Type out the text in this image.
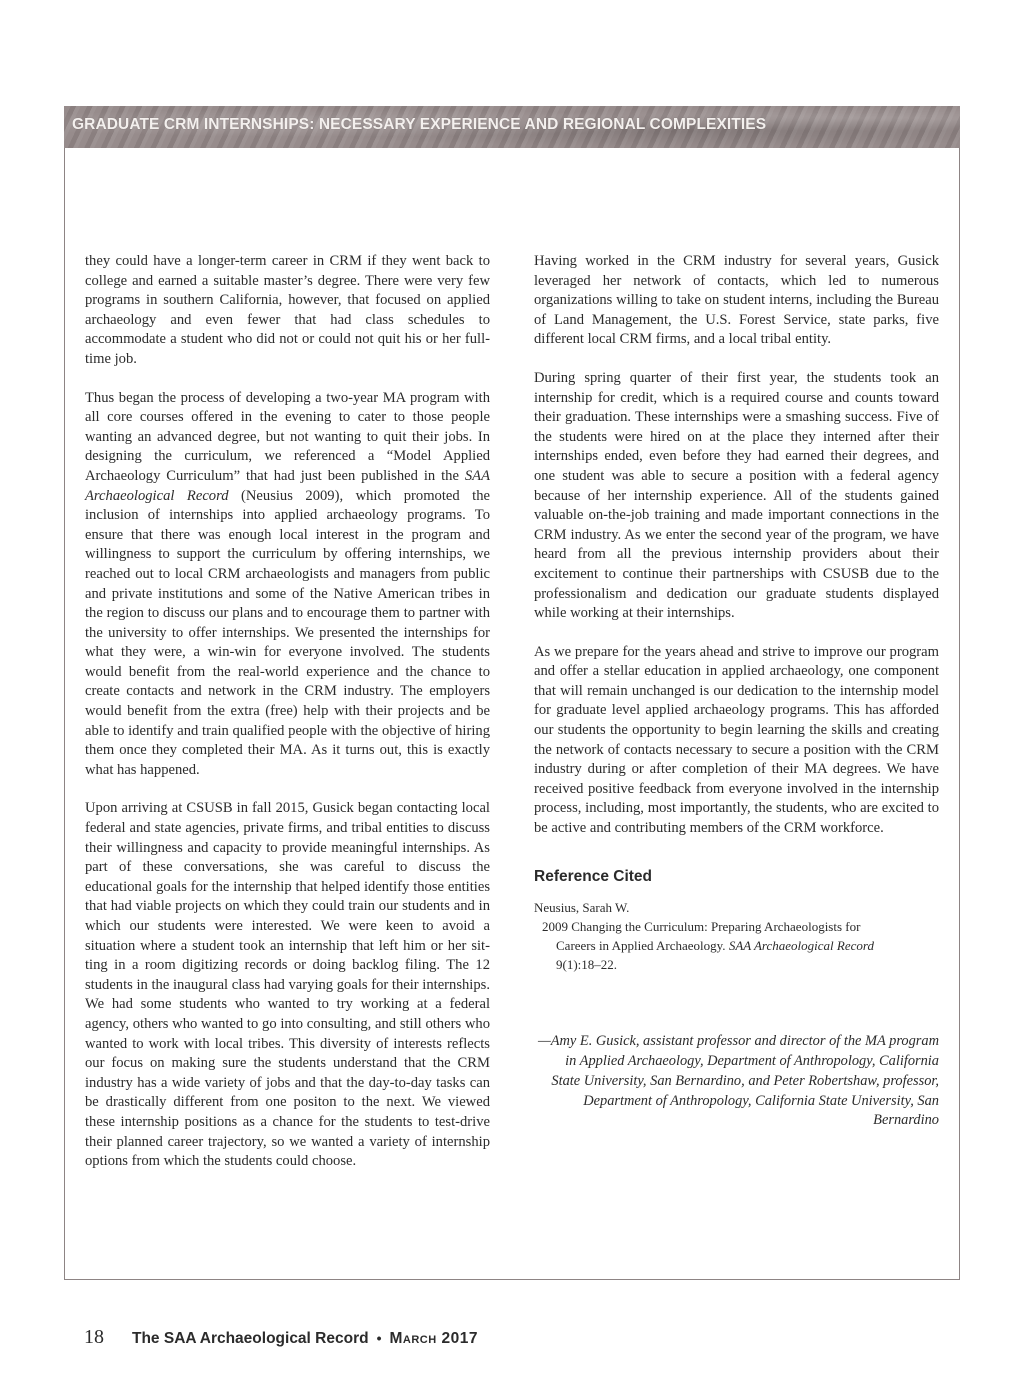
GRADUATE CRM INTERNSHIPS: NECESSARY EXPERIENCE AND REGIONAL COMPLEXITIES

they could have a longer-term career in CRM if they went back to college and earned a suitable master’s degree. There were very few programs in southern California, however, that focused on applied archaeology and even fewer that had class schedules to accommodate a student who did not or could not quit his or her full-time job.

Thus began the process of developing a two-year MA program with all core courses offered in the evening to cater to those people wanting an advanced degree, but not wanting to quit their jobs. In designing the curriculum, we referenced a “Model Applied Archaeology Curriculum” that had just been published in the SAA Archaeological Record (Neusius 2009), which promoted the inclusion of internships into applied archaeology programs. To ensure that there was enough local interest in the program and willingness to support the curriculum by offering internships, we reached out to local CRM archaeologists and managers from public and private institutions and some of the Native American tribes in the region to discuss our plans and to encourage them to partner with the university to offer internships. We presented the internships for what they were, a win-win for everyone involved. The students would benefit from the real-world experience and the chance to create contacts and network in the CRM industry. The employers would benefit from the extra (free) help with their projects and be able to identify and train qualified people with the objective of hiring them once they completed their MA. As it turns out, this is exactly what has happened.

Upon arriving at CSUSB in fall 2015, Gusick began contacting local federal and state agencies, private firms, and tribal entities to discuss their willingness and capacity to provide meaningful internships. As part of these conversations, she was careful to discuss the educational goals for the internship that helped identify those entities that had viable projects on which they could train our students and in which our students were interested. We were keen to avoid a situation where a student took an internship that left him or her sitting in a room digitizing records or doing backlog filing. The 12 students in the inaugural class had varying goals for their internships. We had some students who wanted to try working at a federal agency, others who wanted to go into consulting, and still others who wanted to work with local tribes. This diversity of interests reflects our focus on making sure the students understand that the CRM industry has a wide variety of jobs and that the day-to-day tasks can be drastically different from one positon to the next. We viewed these internship positions as a chance for the students to test-drive their planned career trajectory, so we wanted a variety of internship options from which the students could choose.

Having worked in the CRM industry for several years, Gusick leveraged her network of contacts, which led to numerous organizations willing to take on student interns, including the Bureau of Land Management, the U.S. Forest Service, state parks, five different local CRM firms, and a local tribal entity.

During spring quarter of their first year, the students took an internship for credit, which is a required course and counts toward their graduation. These internships were a smashing success. Five of the students were hired on at the place they interned after their internships ended, even before they had earned their degrees, and one student was able to secure a position with a federal agency because of her internship experience. All of the students gained valuable on-the-job training and made important connections in the CRM industry. As we enter the second year of the program, we have heard from all the previous internship providers about their excitement to continue their partnerships with CSUSB due to the professionalism and dedication our graduate students displayed while working at their internships.

As we prepare for the years ahead and strive to improve our program and offer a stellar education in applied archaeology, one component that will remain unchanged is our dedication to the internship model for graduate level applied archaeology programs. This has afforded our students the opportunity to begin learning the skills and creating the network of contacts necessary to secure a position with the CRM industry during or after completion of their MA degrees. We have received positive feedback from everyone involved in the internship process, including, most importantly, the students, who are excited to be active and contributing members of the CRM workforce.

Reference Cited
Neusius, Sarah W.
2009 Changing the Curriculum: Preparing Archaeologists for
Careers in Applied Archaeology. SAA Archaeological Record
9(1):18–22.
—Amy E. Gusick, assistant professor and director of the MA program in Applied Archaeology, Department of Anthropology, California State University, San Bernardino, and Peter Robertshaw, professor, Department of Anthropology, California State University, San Bernardino
18 The SAA Archaeological Record • March 2017
